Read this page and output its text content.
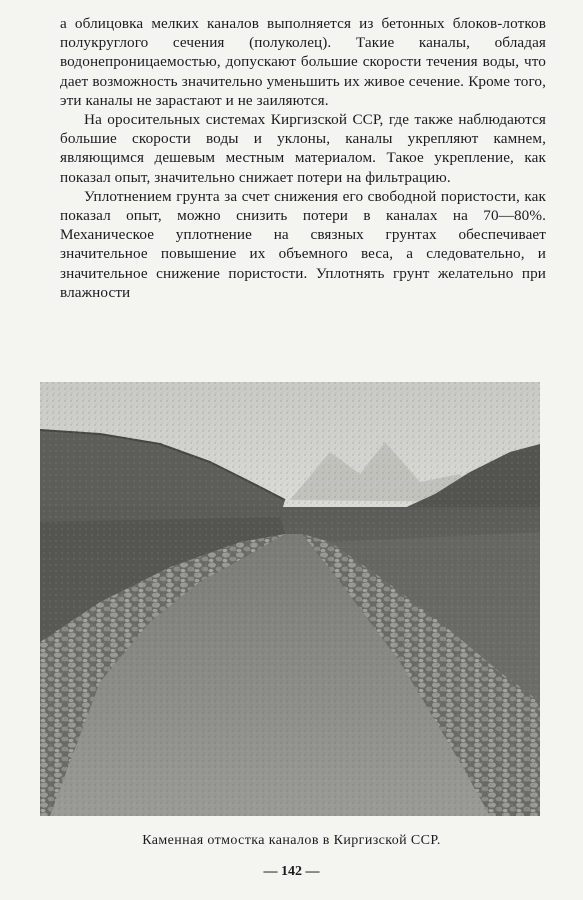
а облицовка мелких каналов выполняется из бетонных блоков-лотков полукруглого сечения (полуколец). Такие каналы, обладая водонепроницаемостью, допускают большие скорости течения воды, что дает возможность значительно уменьшить их живое сечение. Кроме того, эти каналы не зарастают и не заиляются.

На оросительных системах Киргизской ССР, где также наблюдаются большие скорости воды и уклоны, каналы укрепляют камнем, являющимся дешевым местным материалом. Такое укрепление, как показал опыт, значительно снижает потери на фильтрацию.

Уплотнением грунта за счет снижения его свободной пористости, как показал опыт, можно снизить потери в каналах на 70—80%. Механическое уплотнение на связных грунтах обеспечивает значительное повышение их объемного веса, а следовательно, и значительное снижение пористости. Уплотнять грунт желательно при влажности

Каменная отмостка каналов в Киргизской ССР.
— 142 —
